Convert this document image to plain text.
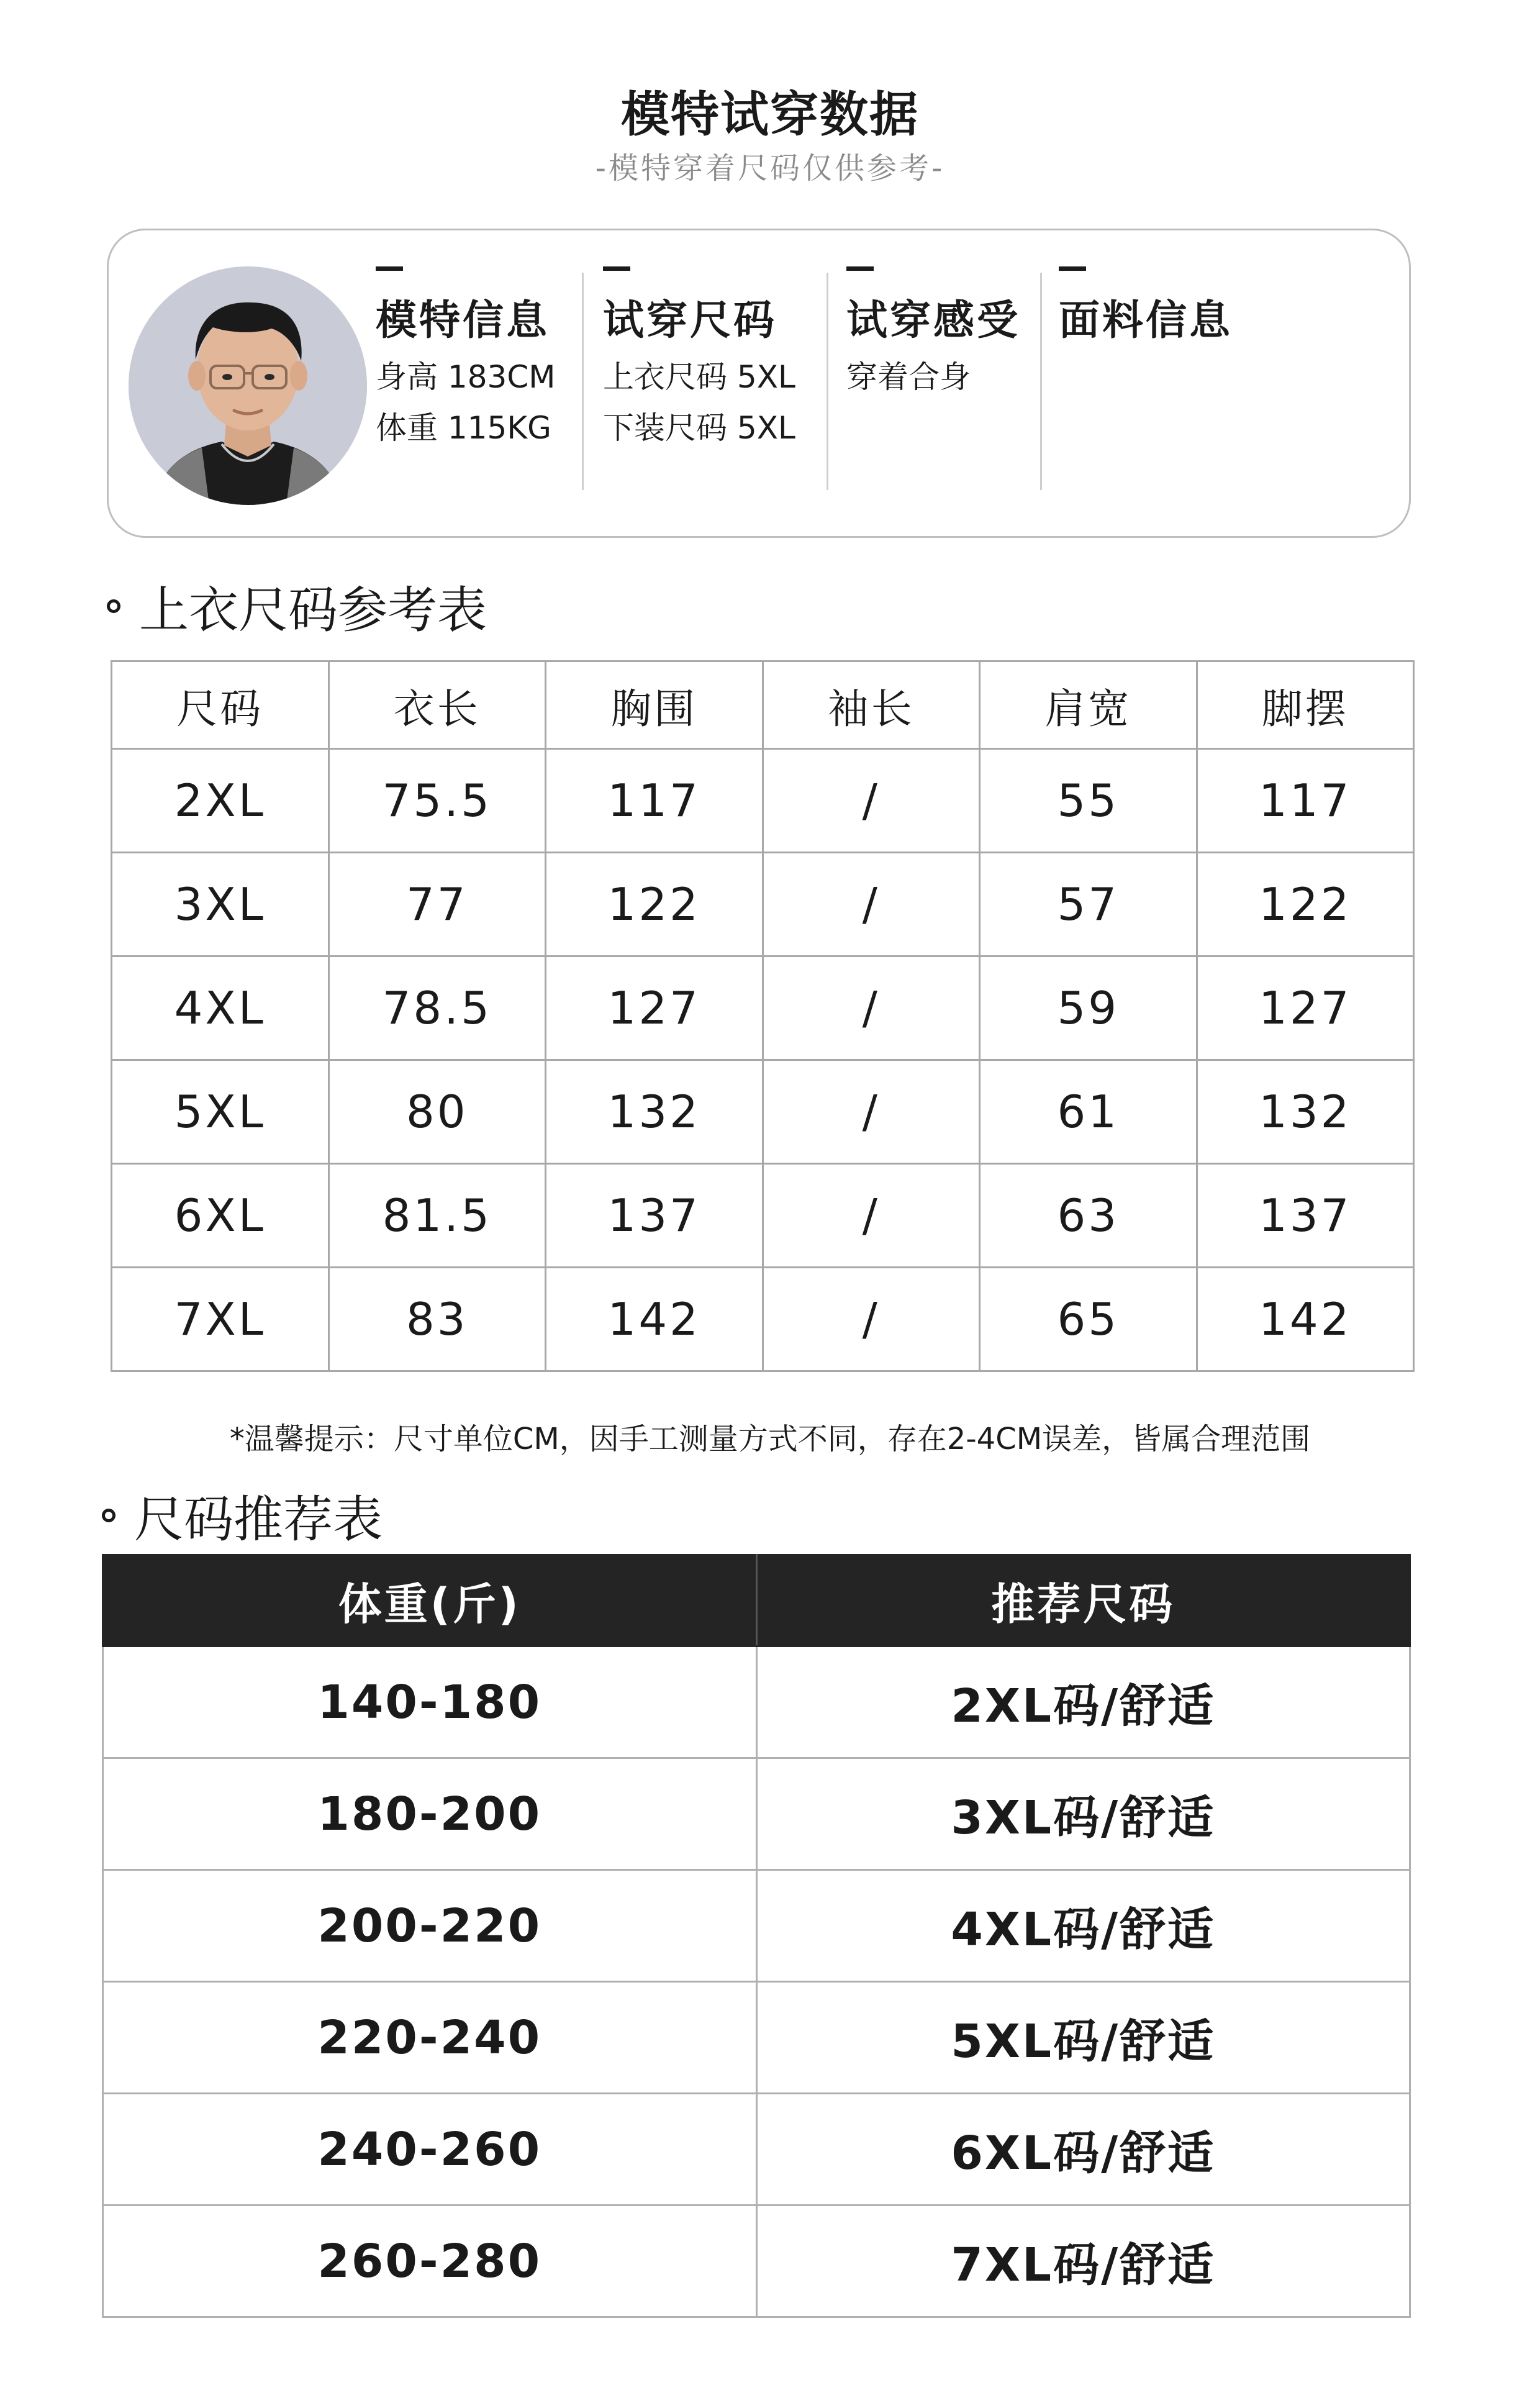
模特试穿数据
-模特穿着尺码仅供参考-
模特信息
身高 183CM
体重 115KG
试穿尺码
上衣尺码 5XL
下装尺码 5XL
试穿感受
穿着合身
面料信息
上衣尺码参考表
尺码	衣长	胸围	袖长	肩宽	脚摆
2XL	75.5	117	/	55	117
3XL	77	122	/	57	122
4XL	78.5	127	/	59	127
5XL	80	132	/	61	132
6XL	81.5	137	/	63	137
7XL	83	142	/	65	142
*温馨提示：尺寸单位CM，因手工测量方式不同，存在2-4CM误差，皆属合理范围
尺码推荐表
体重(斤)	推荐尺码
140-180	2XL码/舒适
180-200	3XL码/舒适
200-220	4XL码/舒适
220-240	5XL码/舒适
240-260	6XL码/舒适
260-280	7XL码/舒适
